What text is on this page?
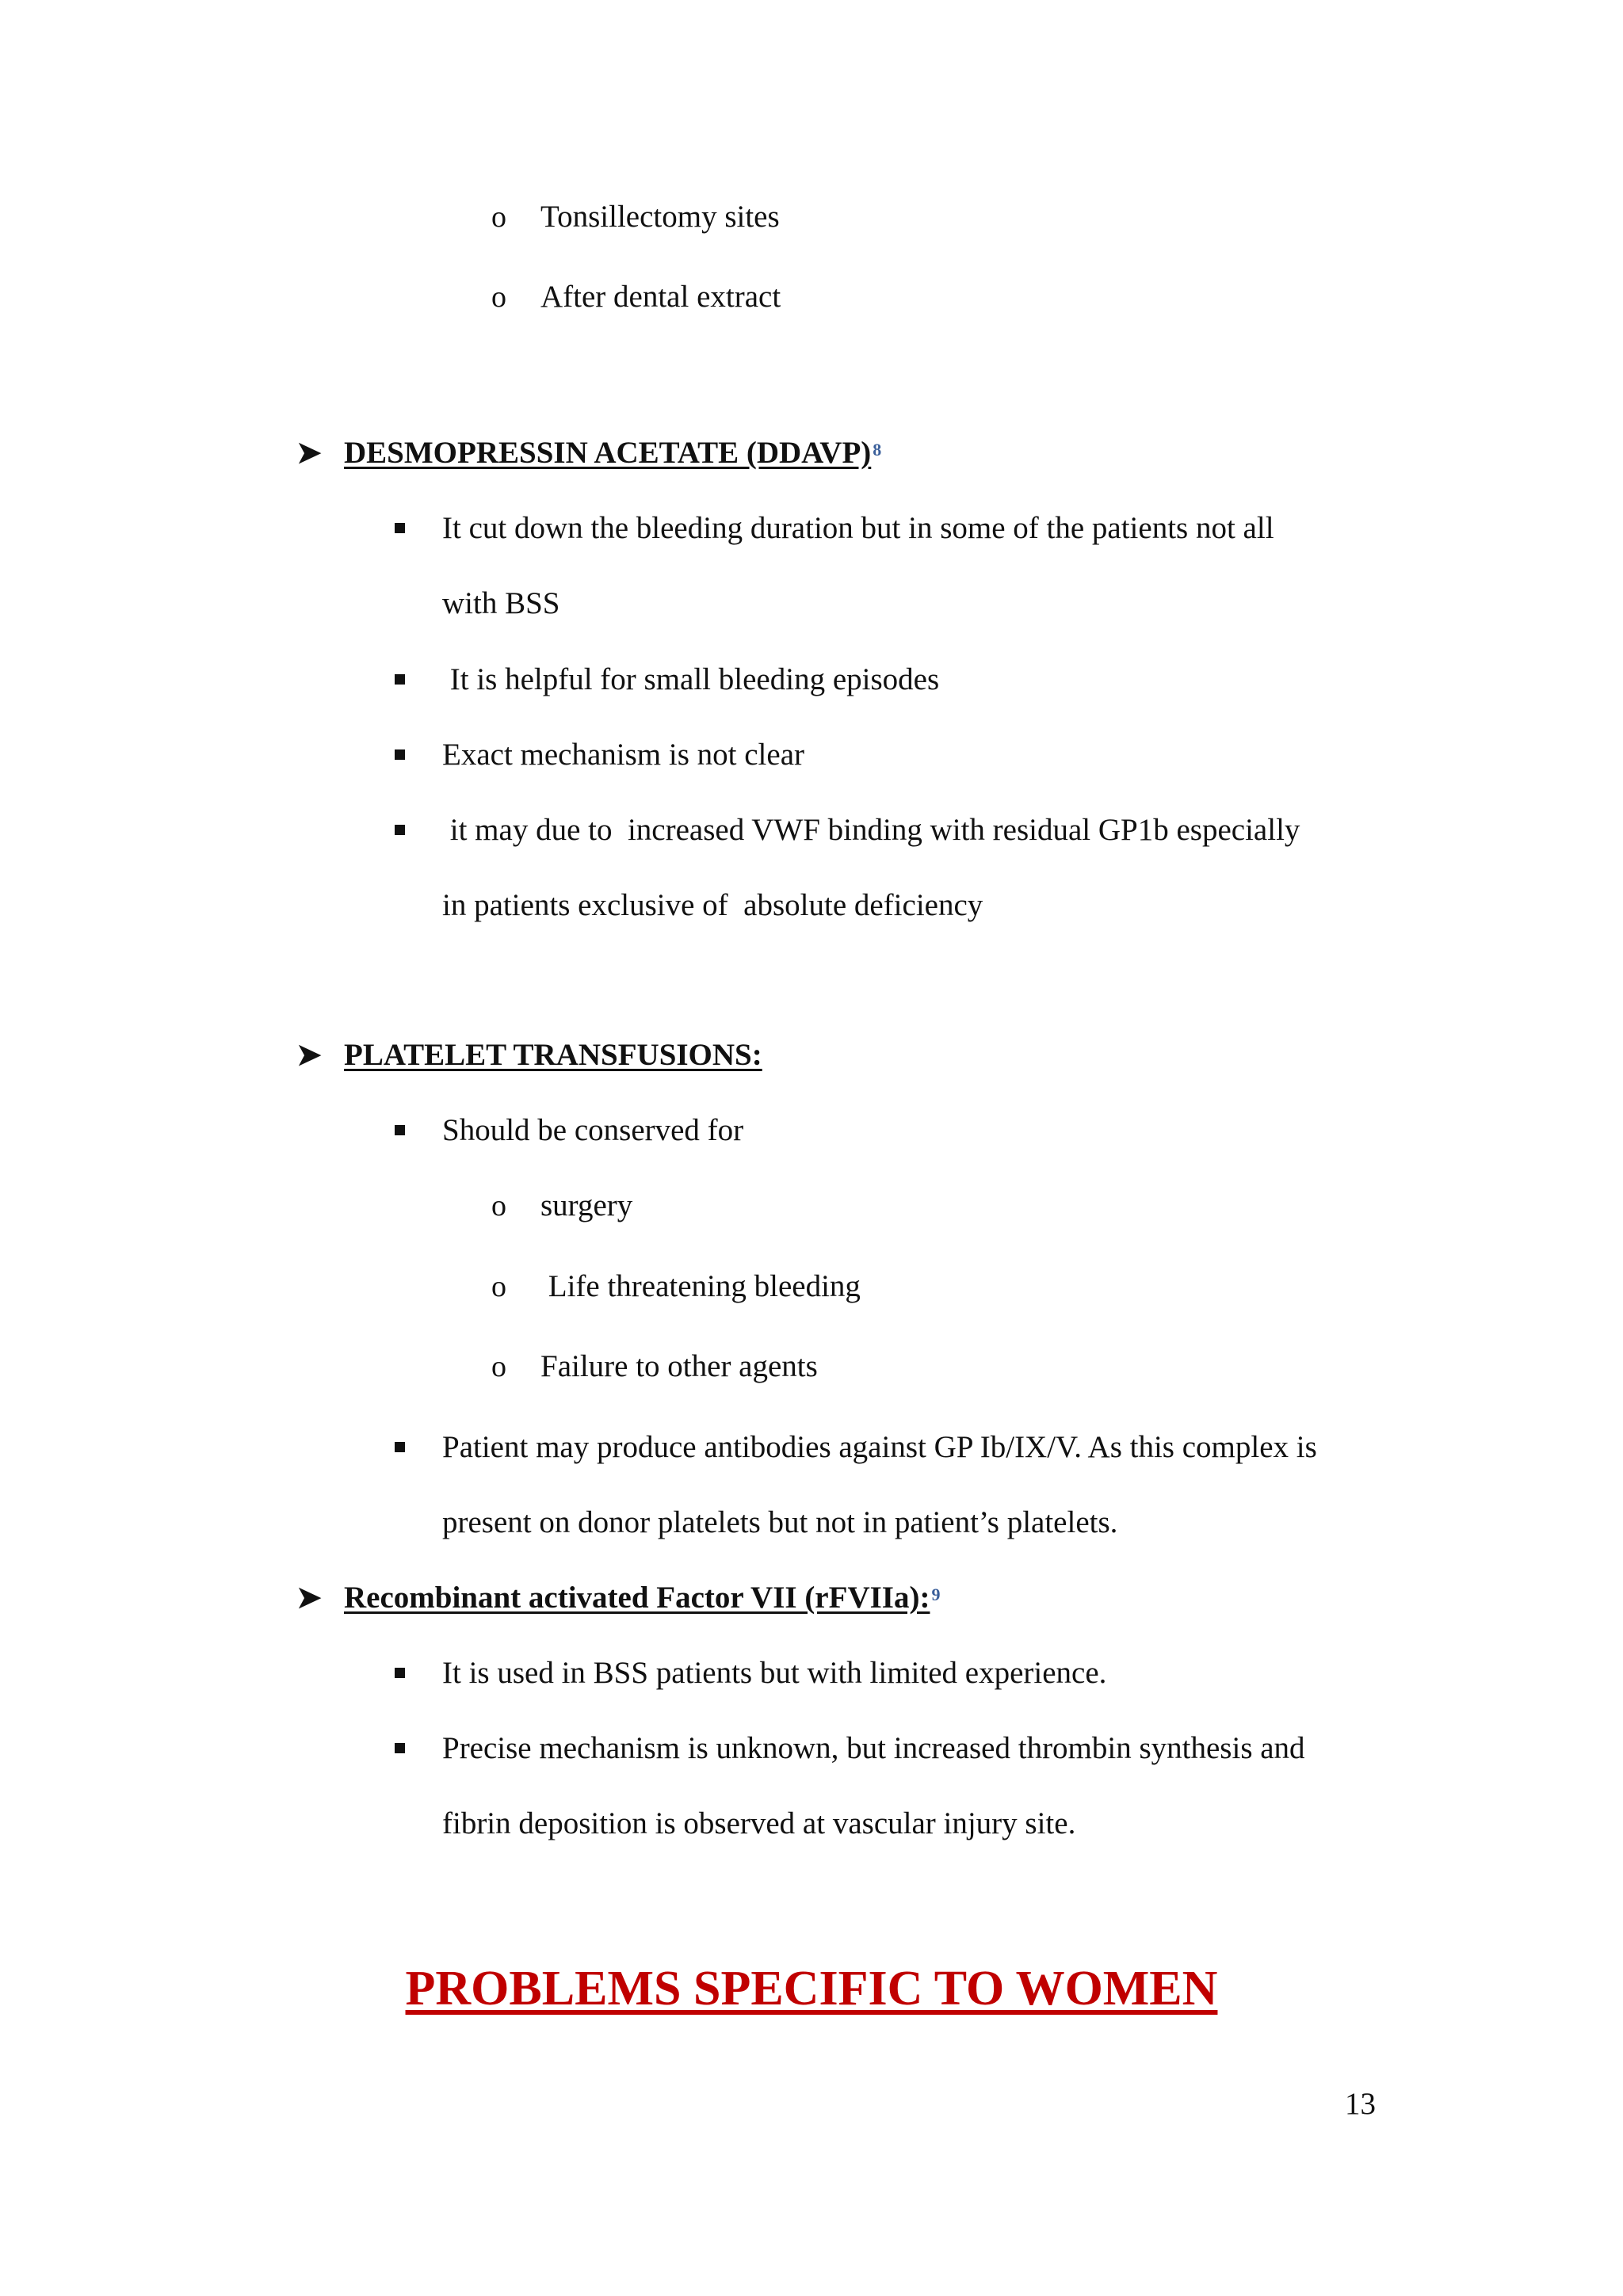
o Tonsillectomy sites
o After dental extract
➤ DESMOPRESSIN ACETATE (DDAVP)$^8$
It cut down the bleeding duration but in some of the patients not all
with BSS
It is helpful for small bleeding episodes
Exact mechanism is not clear
it may due to  increased VWF binding with residual GP1b especially
in patients exclusive of  absolute deficiency
➤ PLATELET TRANSFUSIONS:
Should be conserved for
o surgery
o Life threatening bleeding
o Failure to other agents
Patient may produce antibodies against GP Ib/IX/V. As this complex is
present on donor platelets but not in patient’s platelets.
➤ Recombinant activated Factor VII (rFVIIa):$^9$
It is used in BSS patients but with limited experience.
Precise mechanism is unknown, but increased thrombin synthesis and
fibrin deposition is observed at vascular injury site.
PROBLEMS SPECIFIC TO WOMEN
13
